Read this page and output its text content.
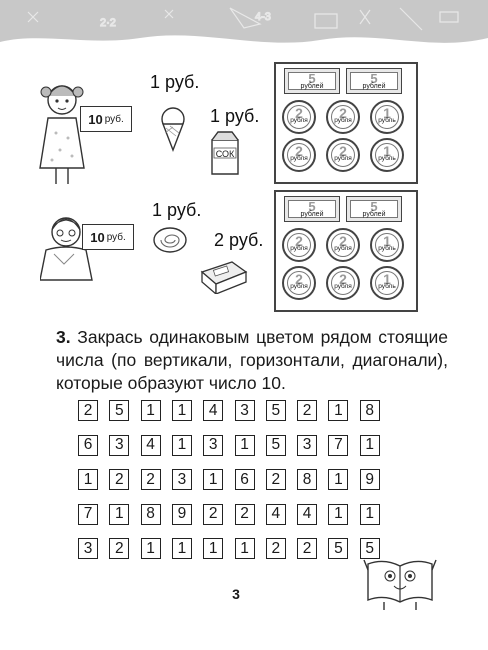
2·2	4-3
10 руб.
1 руб.
1 руб.
СОК
5
рублей
5
рублей
2
рубля	2
рубля	1
рубль
2
рубля	2
рубля	1
рубль
10 руб.
1 руб.
2 руб.
5
рублей
5
рублей
2
рубля	2
рубля	1
рубль
2
рубля	2
рубля	1
рубль
3. Закрась одинаковым цветом рядом стоящие числа (по вертикали, горизонтали, диагонали), которые образуют число 10.
2	5	1	1	4	3	5	2	1	8
6	3	4	1	3	1	5	3	7	1
1	2	2	3	1	6	2	8	1	9
7	1	8	9	2	2	4	4	1	1
3	2	1	1	1	1	2	2	5	5
3
